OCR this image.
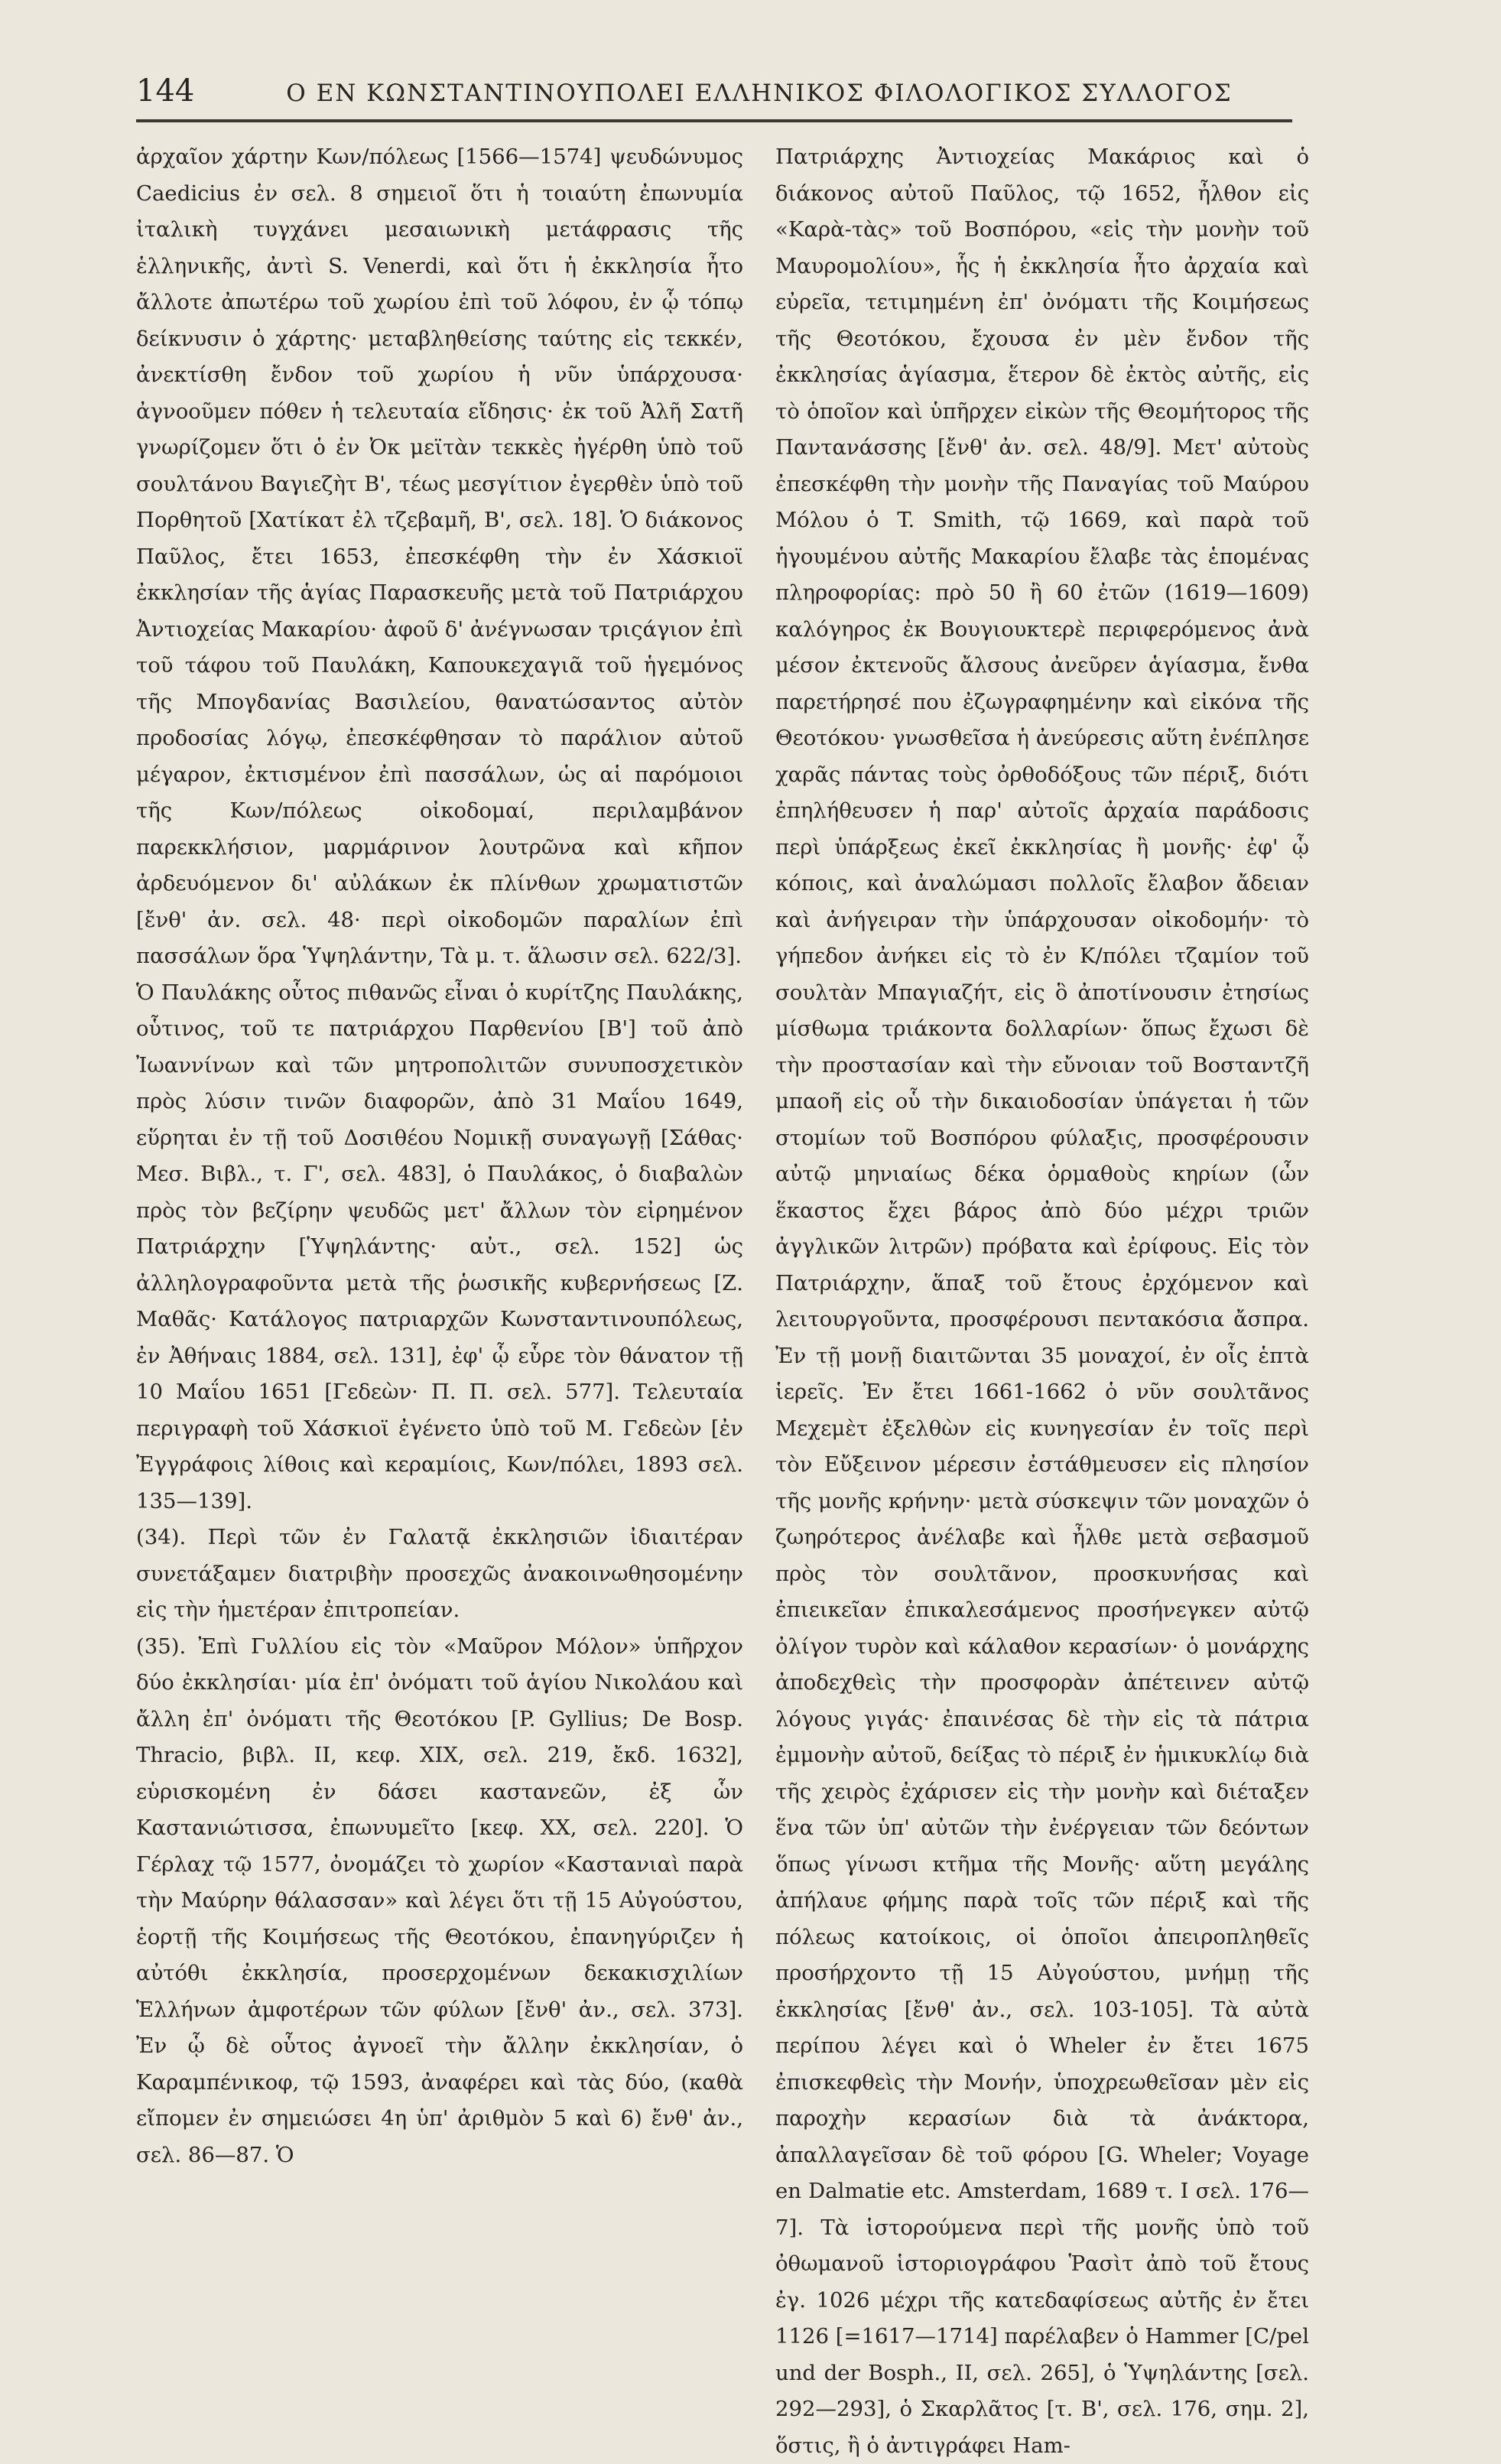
144	Ο ΕΝ ΚΩΝΣΤΑΝΤΙΝΟΥΠΟΛΕΙ ΕΛΛΗΝΙΚΟΣ ΦΙΛΟΛΟΓΙΚΟΣ ΣΥΛΛΟΓΟΣ

ἀρχαῖον χάρτην Κων/πόλεως [1566—1574] ψευδώνυμος Caedicius ἐν σελ. 8 σημειοῖ ὅτι ἡ τοιαύτη ἐπωνυμία ἰταλικὴ τυγχάνει μεσαιωνικὴ μετάφρασις τῆς ἑλληνικῆς, ἀντὶ S. Venerdi, καὶ ὅτι ἡ ἐκκλησία ἦτο ἄλλοτε ἀπωτέρω τοῦ χωρίου ἐπὶ τοῦ λόφου, ἐν ᾧ τόπῳ δείκνυσιν ὁ χάρτης· μεταβληθείσης ταύτης εἰς τεκκέν, ἀνεκτίσθη ἔνδον τοῦ χωρίου ἡ νῦν ὑπάρχουσα· ἀγνοοῦμεν πόθεν ἡ τελευταία εἴδησις· ἐκ τοῦ Ἀλῆ Σατῆ γνωρίζομεν ὅτι ὁ ἐν Ὀκ μεϊτὰν τεκκὲς ἠγέρθη ὑπὸ τοῦ σουλτάνου Βαγιεζὴτ Β', τέως μεσγίτιον ἐγερθὲν ὑπὸ τοῦ Πορθητοῦ [Χατίκατ ἐλ τζεβαμῆ, Β', σελ. 18]. Ὁ διάκονος Παῦλος, ἔτει 1653, ἐπεσκέφθη τὴν ἐν Χάσκιοϊ ἐκκλησίαν τῆς ἁγίας Παρασκευῆς μετὰ τοῦ Πατριάρχου Ἀντιοχείας Μακαρίου· ἀφοῦ δ' ἀνέγνωσαν τριςάγιον ἐπὶ τοῦ τάφου τοῦ Παυλάκη, Καπουκεχαγιᾶ τοῦ ἡγεμόνος τῆς Μπογδανίας Βασιλείου, θανατώσαντος αὐτὸν προδοσίας λόγῳ, ἐπεσκέφθησαν τὸ παράλιον αὐτοῦ μέγαρον, ἐκτισμένον ἐπὶ πασσάλων, ὡς αἱ παρόμοιοι τῆς Κων/πόλεως οἰκοδομαί, περιλαμβάνον παρεκκλήσιον, μαρμάρινον λουτρῶνα καὶ κῆπον ἀρδευόμενον δι' αὐλάκων ἐκ πλίνθων χρωματιστῶν [ἔνθ' ἀν. σελ. 48· περὶ οἰκοδομῶν παραλίων ἐπὶ πασσάλων ὅρα Ὑψηλάντην, Τὰ μ. τ. ἅλωσιν σελ. 622/3].

Ὁ Παυλάκης οὗτος πιθανῶς εἶναι ὁ κυρίτζης Παυλάκης, οὗτινος, τοῦ τε πατριάρχου Παρθενίου [Β'] τοῦ ἀπὸ Ἰωαννίνων καὶ τῶν μητροπολιτῶν συνυποσχετικὸν πρὸς λύσιν τινῶν διαφορῶν, ἀπὸ 31 Μαΐου 1649, εὕρηται ἐν τῇ τοῦ Δοσιθέου Νομικῇ συναγωγῇ [Σάθας· Μεσ. Βιβλ., τ. Γ', σελ. 483], ὁ Παυλάκος, ὁ διαβαλὼν πρὸς τὸν βεζίρην ψευδῶς μετ' ἄλλων τὸν εἰρημένον Πατριάρχην [Ὑψηλάντης· αὐτ., σελ. 152] ὡς ἀλληλογραφοῦντα μετὰ τῆς ῥωσικῆς κυβερνήσεως [Ζ. Μαθᾶς· Κατάλογος πατριαρχῶν Κωνσταντινουπόλεως, ἐν Ἀθήναις 1884, σελ. 131], ἐφ' ᾧ εὗρε τὸν θάνατον τῇ 10 Μαΐου 1651 [Γεδεὼν· Π. Π. σελ. 577]. Τελευταία περιγραφὴ τοῦ Χάσκιοϊ ἐγένετο ὑπὸ τοῦ Μ. Γεδεὼν [ἐν Ἐγγράφοις λίθοις καὶ κεραμίοις, Κων/πόλει, 1893 σελ. 135—139].

(34). Περὶ τῶν ἐν Γαλατᾷ ἐκκλησιῶν ἰδιαιτέραν συνετάξαμεν διατριβὴν προσεχῶς ἀνακοινωθησομένην εἰς τὴν ἡμετέραν ἐπιτροπείαν.

(35). Ἐπὶ Γυλλίου εἰς τὸν «Μαῦρον Μόλον» ὑπῆρχον δύο ἐκκλησίαι· μία ἐπ' ὀνόματι τοῦ ἁγίου Νικολάου καὶ ἄλλη ἐπ' ὀνόματι τῆς Θεοτόκου [P. Gyllius; De Bosp. Thracio, βιβλ. II, κεφ. XIX, σελ. 219, ἔκδ. 1632], εὑρισκομένη ἐν δάσει καστανεῶν, ἐξ ὧν Καστανιώτισσα, ἐπωνυμεῖτο [κεφ. XX, σελ. 220]. Ὁ Γέρλαχ τῷ 1577, ὀνομάζει τὸ χωρίον «Καστανιαὶ παρὰ τὴν Μαύρην θάλασσαν» καὶ λέγει ὅτι τῇ 15 Αὐγούστου, ἑορτῇ τῆς Κοιμήσεως τῆς Θεοτόκου, ἐπανηγύριζεν ἡ αὐτόθι ἐκκλησία, προσερχομένων δεκακισχιλίων Ἑλλήνων ἀμφοτέρων τῶν φύλων [ἔνθ' ἀν., σελ. 373]. Ἐν ᾧ δὲ οὗτος ἀγνοεῖ τὴν ἄλλην ἐκκλησίαν, ὁ Καραμπένικοφ, τῷ 1593, ἀναφέρει καὶ τὰς δύο, (καθὰ εἴπομεν ἐν σημειώσει 4η ὑπ' ἀριθμὸν 5 καὶ 6) ἔνθ' ἀν., σελ. 86—87. Ὁ

Πατριάρχης Ἀντιοχείας Μακάριος καὶ ὁ διάκονος αὐτοῦ Παῦλος, τῷ 1652, ἦλθον εἰς «Καρὰ-τὰς» τοῦ Βοσπόρου, «εἰς τὴν μονὴν τοῦ Μαυρομολίου», ἧς ἡ ἐκκλησία ἦτο ἀρχαία καὶ εὐρεῖα, τετιμημένη ἐπ' ὀνόματι τῆς Κοιμήσεως τῆς Θεοτόκου, ἔχουσα ἐν μὲν ἔνδον τῆς ἐκκλησίας ἁγίασμα, ἕτερον δὲ ἐκτὸς αὐτῆς, εἰς τὸ ὁποῖον καὶ ὑπῆρχεν εἰκὼν τῆς Θεομήτορος τῆς Παντανάσσης [ἔνθ' ἀν. σελ. 48/9]. Μετ' αὐτοὺς ἐπεσκέφθη τὴν μονὴν τῆς Παναγίας τοῦ Μαύρου Μόλου ὁ T. Smith, τῷ 1669, καὶ παρὰ τοῦ ἡγουμένου αὐτῆς Μακαρίου ἔλαβε τὰς ἑπομένας πληροφορίας: πρὸ 50 ἢ 60 ἐτῶν (1619—1609) καλόγηρος ἐκ Βουγιουκτερὲ περιφερόμενος ἀνὰ μέσον ἐκτενοῦς ἄλσους ἀνεῦρεν ἁγίασμα, ἔνθα παρετήρησέ που ἐζωγραφημένην καὶ εἰκόνα τῆς Θεοτόκου· γνωσθεῖσα ἡ ἀνεύρεσις αὕτη ἐνέπλησε χαρᾶς πάντας τοὺς ὀρθοδόξους τῶν πέριξ, διότι ἐπηλήθευσεν ἡ παρ' αὐτοῖς ἀρχαία παράδοσις περὶ ὑπάρξεως ἐκεῖ ἐκκλησίας ἢ μονῆς· ἐφ' ᾧ κόποις, καὶ ἀναλώμασι πολλοῖς ἔλαβον ἄδειαν καὶ ἀνήγειραν τὴν ὑπάρχουσαν οἰκοδομήν· τὸ γήπεδον ἀνήκει εἰς τὸ ἐν Κ/πόλει τζαμίον τοῦ σουλτὰν Μπαγιαζήτ, εἰς ὃ ἀποτίνουσιν ἐτησίως μίσθωμα τριάκοντα δολλαρίων· ὅπως ἔχωσι δὲ τὴν προστασίαν καὶ τὴν εὔνοιαν τοῦ Βοσταντζῆ μπαοῆ εἰς οὗ τὴν δικαιοδοσίαν ὑπάγεται ἡ τῶν στομίων τοῦ Βοσπόρου φύλαξις, προσφέρουσιν αὐτῷ μηνιαίως δέκα ὁρμαθοὺς κηρίων (ὧν ἕκαστος ἔχει βάρος ἀπὸ δύο μέχρι τριῶν ἀγγλικῶν λιτρῶν) πρόβατα καὶ ἐρίφους. Εἰς τὸν Πατριάρχην, ἅπαξ τοῦ ἔτους ἐρχόμενον καὶ λειτουργοῦντα, προσφέρουσι πεντακόσια ἄσπρα. Ἐν τῇ μονῇ διαιτῶνται 35 μοναχοί, ἐν οἷς ἑπτὰ ἱερεῖς. Ἐν ἔτει 1661-1662 ὁ νῦν σουλτᾶνος Μεχεμὲτ ἐξελθὼν εἰς κυνηγεσίαν ἐν τοῖς περὶ τὸν Εὔξεινον μέρεσιν ἐστάθμευσεν εἰς πλησίον τῆς μονῆς κρήνην· μετὰ σύσκεψιν τῶν μοναχῶν ὁ ζωηρότερος ἀνέλαβε καὶ ἦλθε μετὰ σεβασμοῦ πρὸς τὸν σουλτᾶνον, προσκυνήσας καὶ ἐπιεικεῖαν ἐπικαλεσάμενος προσήνεγκεν αὐτῷ ὀλίγον τυρὸν καὶ κάλαθον κερασίων· ὁ μονάρχης ἀποδεχθεὶς τὴν προσφορὰν ἀπέτεινεν αὐτῷ λόγους γιγάς· ἐπαινέσας δὲ τὴν εἰς τὰ πάτρια ἐμμονὴν αὐτοῦ, δείξας τὸ πέριξ ἐν ἡμικυκλίῳ διὰ τῆς χειρὸς ἐχάρισεν εἰς τὴν μονὴν καὶ διέταξεν ἕνα τῶν ὑπ' αὐτῶν τὴν ἐνέργειαν τῶν δεόντων ὅπως γίνωσι κτῆμα τῆς Μονῆς· αὕτη μεγάλης ἀπήλαυε φήμης παρὰ τοῖς τῶν πέριξ καὶ τῆς πόλεως κατοίκοις, οἱ ὁποῖοι ἀπειροπληθεῖς προσήρχοντο τῇ 15 Αὐγούστου, μνήμῃ τῆς ἐκκλησίας [ἔνθ' ἀν., σελ. 103-105]. Τὰ αὐτὰ περίπου λέγει καὶ ὁ Wheler ἐν ἔτει 1675 ἐπισκεφθεὶς τὴν Μονήν, ὑποχρεωθεῖσαν μὲν εἰς παροχὴν κερασίων διὰ τὰ ἀνάκτορα, ἀπαλλαγεῖσαν δὲ τοῦ φόρου [G. Wheler; Voyage en Dalmatie etc. Amsterdam, 1689 τ. I σελ. 176—7]. Τὰ ἱστορούμενα περὶ τῆς μονῆς ὑπὸ τοῦ ὀθωμανοῦ ἱστοριογράφου Ῥασὶτ ἀπὸ τοῦ ἔτους ἐγ. 1026 μέχρι τῆς κατεδαφίσεως αὐτῆς ἐν ἔτει 1126 [=1617—1714] παρέλαβεν ὁ Hammer [C/pel und der Bosph., II, σελ. 265], ὁ Ὑψηλάντης [σελ. 292—293], ὁ Σκαρλᾶτος [τ. Β', σελ. 176, σημ. 2], ὅστις, ἢ ὁ ἀντιγράφει Ham-
